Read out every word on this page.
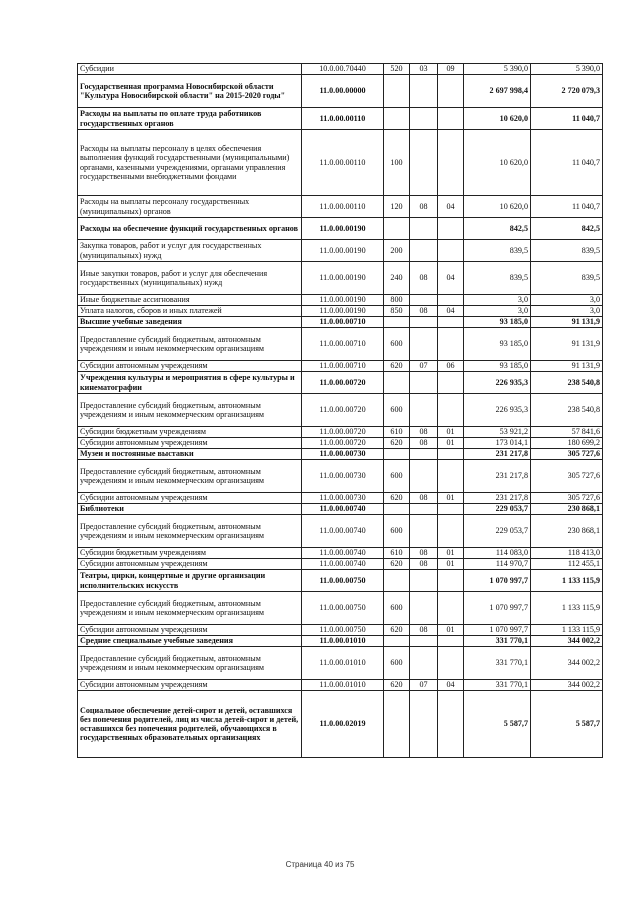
Субсидии	10.0.00.70440	520	03	09	5 390,0	5 390,0
Государственная программа Новосибирской области "Культура Новосибирской области" на 2015-2020 годы"	11.0.00.00000				2 697 998,4	2 720 079,3
Расходы на выплаты по оплате труда работников государственных органов	11.0.00.00110				10 620,0	11 040,7
Расходы на выплаты персоналу в целях обеспечения выполнения функций государственными (муниципальными) органами, казенными учреждениями, органами управления государственными внебюджетными фондами	11.0.00.00110	100			10 620,0	11 040,7
Расходы на выплаты персоналу государственных (муниципальных) органов	11.0.00.00110	120	08	04	10 620,0	11 040,7
Расходы на обеспечение функций государственных органов	11.0.00.00190				842,5	842,5
Закупка товаров, работ и услуг для государственных (муниципальных) нужд	11.0.00.00190	200			839,5	839,5
Иные закупки товаров, работ и услуг для обеспечения государственных (муниципальных) нужд	11.0.00.00190	240	08	04	839,5	839,5
Иные бюджетные ассигнования	11.0.00.00190	800			3,0	3,0
Уплата налогов, сборов и иных платежей	11.0.00.00190	850	08	04	3,0	3,0
Высшие учебные заведения	11.0.00.00710				93 185,0	91 131,9
Предоставление субсидий бюджетным, автономным учреждениям и иным некоммерческим организациям	11.0.00.00710	600			93 185,0	91 131,9
Субсидии автономным учреждениям	11.0.00.00710	620	07	06	93 185,0	91 131,9
Учреждения культуры и мероприятия в сфере культуры и кинематографии	11.0.00.00720				226 935,3	238 540,8
Предоставление субсидий бюджетным, автономным учреждениям и иным некоммерческим организациям	11.0.00.00720	600			226 935,3	238 540,8
Субсидии бюджетным учреждениям	11.0.00.00720	610	08	01	53 921,2	57 841,6
Субсидии автономным учреждениям	11.0.00.00720	620	08	01	173 014,1	180 699,2
Музеи и постоянные выставки	11.0.00.00730				231 217,8	305 727,6
Предоставление субсидий бюджетным, автономным учреждениям и иным некоммерческим организациям	11.0.00.00730	600			231 217,8	305 727,6
Субсидии автономным учреждениям	11.0.00.00730	620	08	01	231 217,8	305 727,6
Библиотеки	11.0.00.00740				229 053,7	230 868,1
Предоставление субсидий бюджетным, автономным учреждениям и иным некоммерческим организациям	11.0.00.00740	600			229 053,7	230 868,1
Субсидии бюджетным учреждениям	11.0.00.00740	610	08	01	114 083,0	118 413,0
Субсидии автономным учреждениям	11.0.00.00740	620	08	01	114 970,7	112 455,1
Театры, цирки, концертные и другие организации исполнительских искусств	11.0.00.00750				1 070 997,7	1 133 115,9
Предоставление субсидий бюджетным, автономным учреждениям и иным некоммерческим организациям	11.0.00.00750	600			1 070 997,7	1 133 115,9
Субсидии автономным учреждениям	11.0.00.00750	620	08	01	1 070 997,7	1 133 115,9
Средние специальные учебные заведения	11.0.00.01010				331 770,1	344 002,2
Предоставление субсидий бюджетным, автономным учреждениям и иным некоммерческим организациям	11.0.00.01010	600			331 770,1	344 002,2
Субсидии автономным учреждениям	11.0.00.01010	620	07	04	331 770,1	344 002,2
Социальное обеспечение детей-сирот и детей, оставшихся без попечения родителей, лиц из числа детей-сирот и детей, оставшихся без попечения родителей, обучающихся в государственных образовательных организациях	11.0.00.02019				5 587,7	5 587,7
Страница 40 из 75
